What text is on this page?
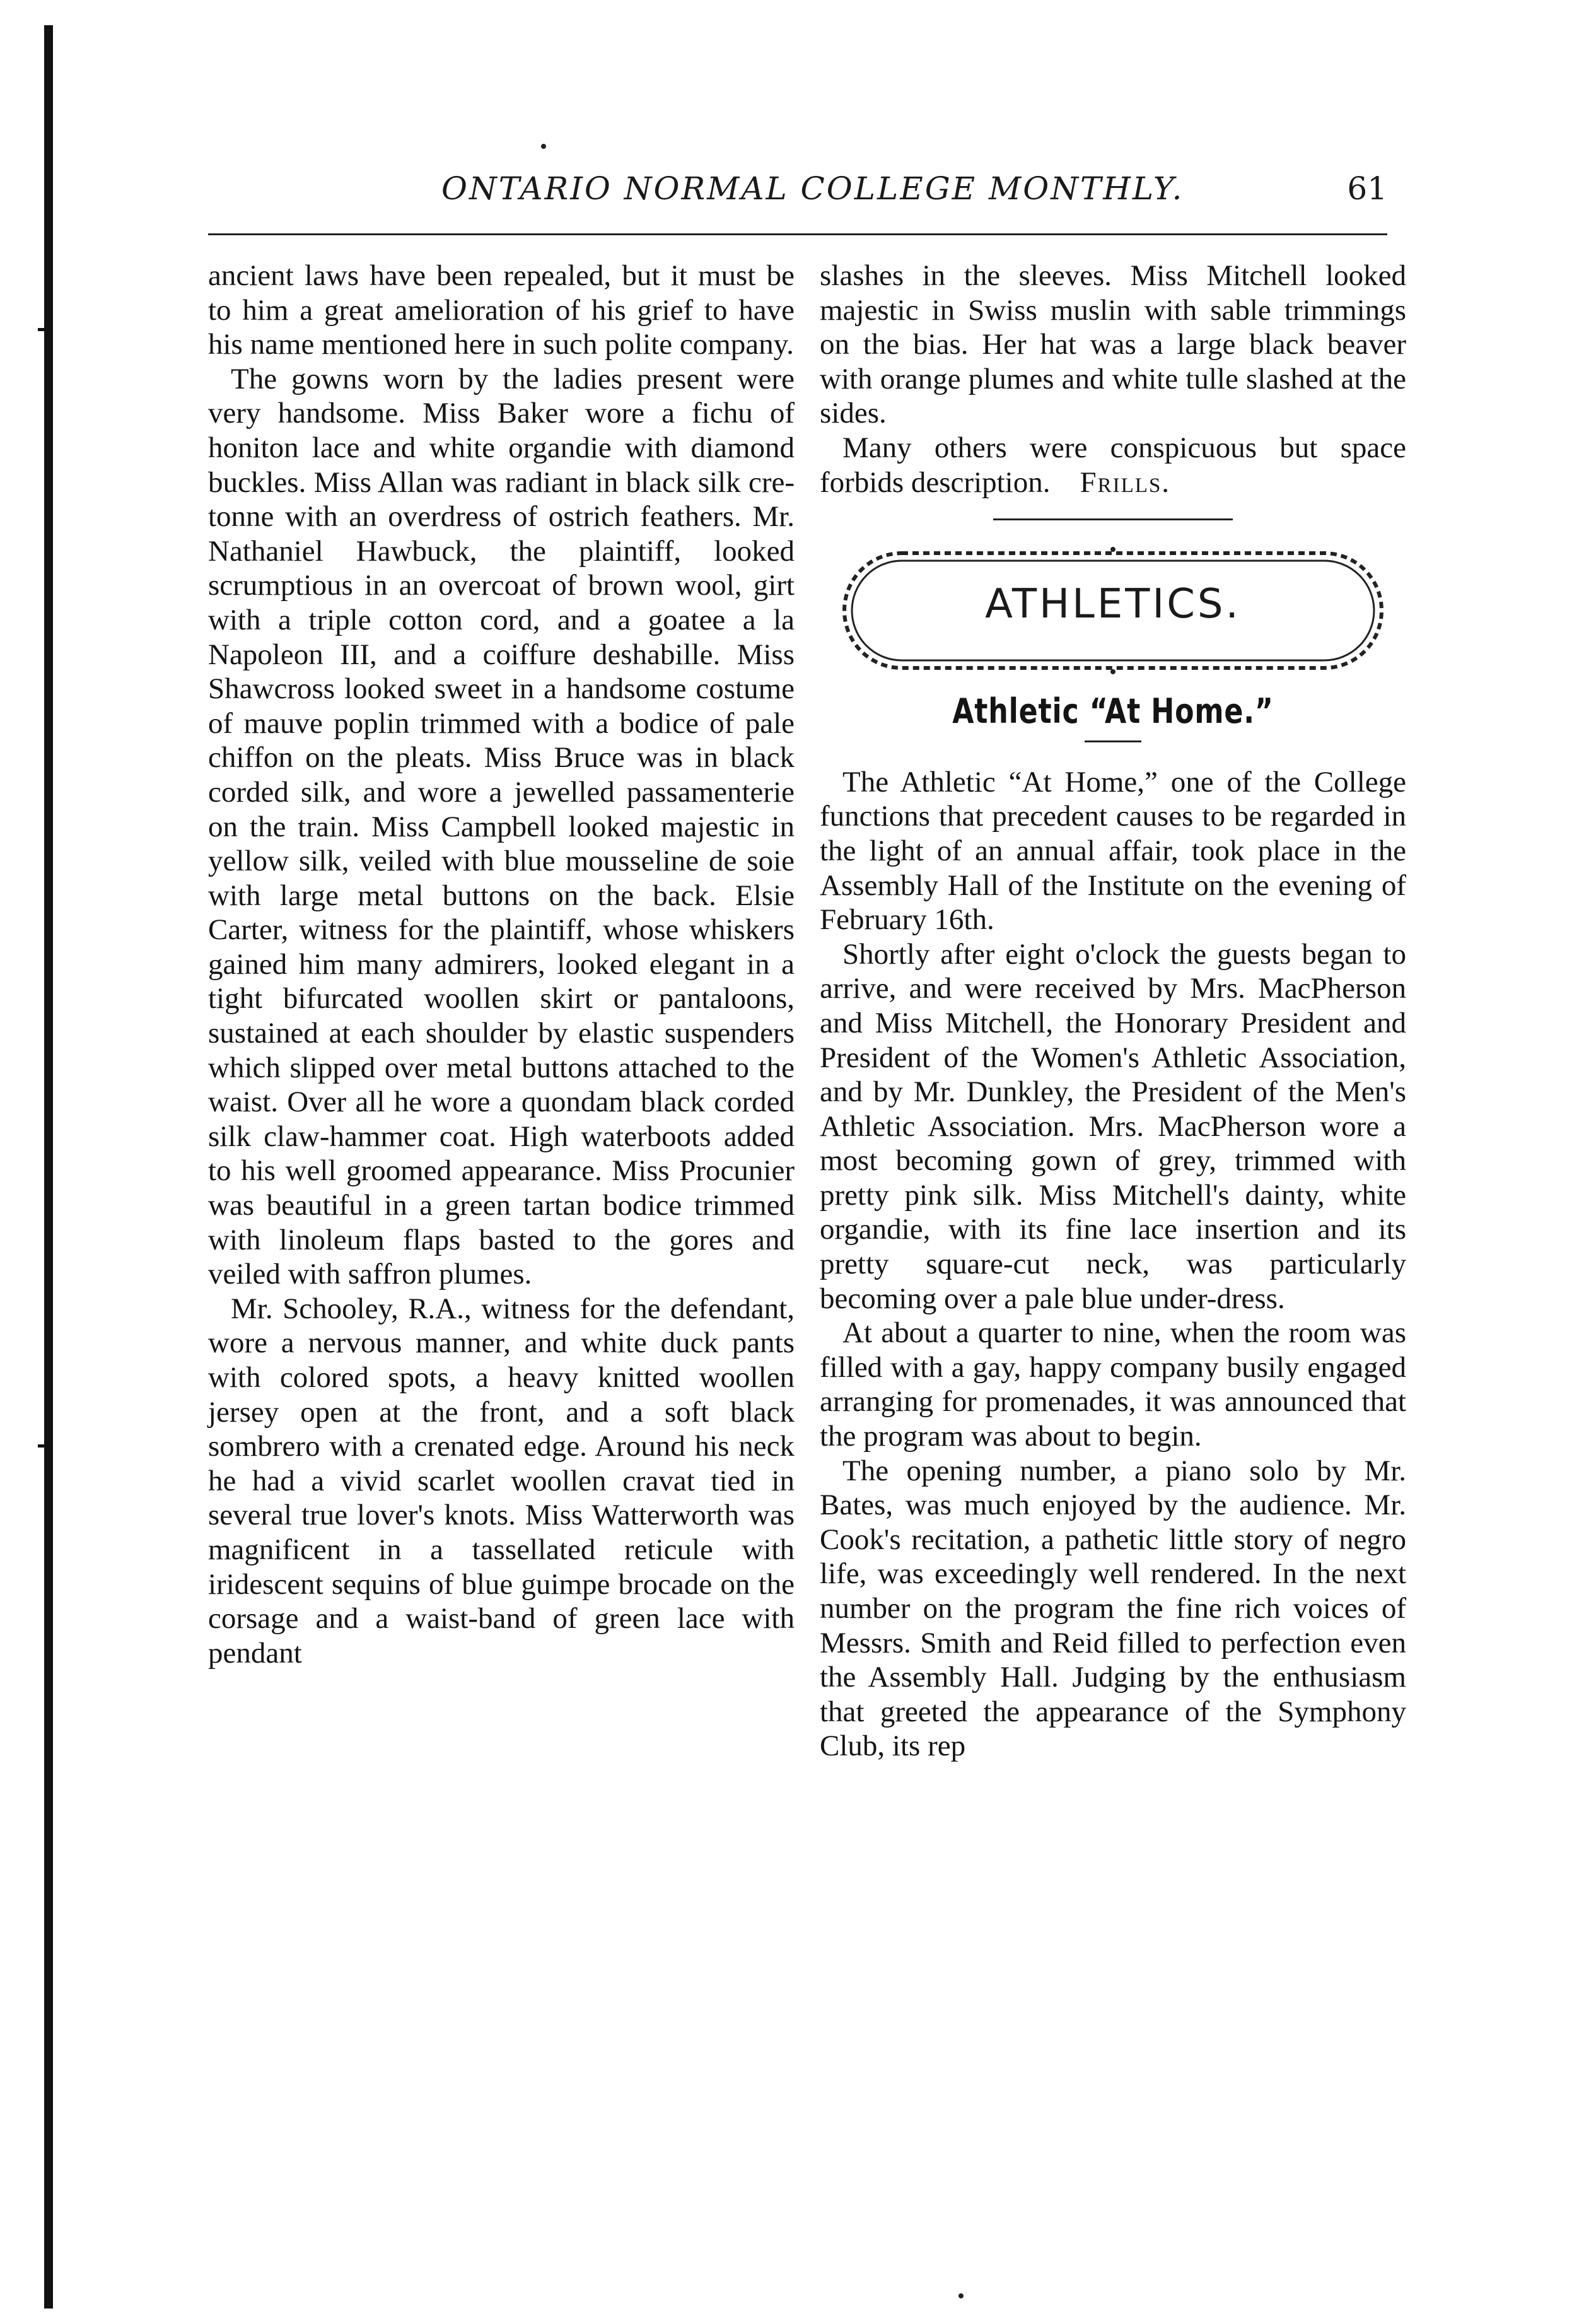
ONTARIO NORMAL COLLEGE MONTHLY.	61

ancient laws have been repealed, but it must be to him a great amelioration of his grief to have his name mentioned here in such polite company.

The gowns worn by the ladies present were very handsome. Miss Baker wore a fichu of honiton lace and white organdie with diamond buckles. Miss Allan was radiant in black silk cretonne with an overdress of ostrich feathers. Mr. Nathaniel Hawbuck, the plaintiff, looked scrumptious in an overcoat of brown wool, girt with a triple cotton cord, and a goatee a la Napoleon III, and a coiffure deshabille. Miss Shawcross looked sweet in a handsome costume of mauve poplin trimmed with a bodice of pale chiffon on the pleats. Miss Bruce was in black corded silk, and wore a jewelled passamenterie on the train. Miss Campbell looked majestic in yellow silk, veiled with blue mousseline de soie with large metal buttons on the back. Elsie Carter, witness for the plaintiff, whose whiskers gained him many admirers, looked elegant in a tight bifurcated woollen skirt or pantaloons, sustained at each shoulder by elastic suspenders which slipped over metal buttons attached to the waist. Over all he wore a quondam black corded silk claw-hammer coat. High waterboots added to his well groomed appearance. Miss Procunier was beautiful in a green tartan bodice trimmed with linoleum flaps basted to the gores and veiled with saffron plumes.

Mr. Schooley, R.A., witness for the defendant, wore a nervous manner, and white duck pants with colored spots, a heavy knitted woollen jersey open at the front, and a soft black sombrero with a crenated edge. Around his neck he had a vivid scarlet woollen cravat tied in several true lover's knots. Miss Watterworth was magnificent in a tassellated reticule with iridescent sequins of blue guimpe brocade on the corsage and a waist-band of green lace with pendant

slashes in the sleeves. Miss Mitchell looked majestic in Swiss muslin with sable trimmings on the bias. Her hat was a large black beaver with orange plumes and white tulle slashed at the sides.

Many others were conspicuous but space forbids description. Frills.

ATHLETICS.
Athletic “At Home.”

The Athletic “At Home,” one of the College functions that precedent causes to be regarded in the light of an annual affair, took place in the Assembly Hall of the Institute on the evening of February 16th.

Shortly after eight o'clock the guests began to arrive, and were received by Mrs. MacPherson and Miss Mitchell, the Honorary President and President of the Women's Athletic Association, and by Mr. Dunkley, the President of the Men's Athletic Association. Mrs. MacPherson wore a most becoming gown of grey, trimmed with pretty pink silk. Miss Mitchell's dainty, white organdie, with its fine lace insertion and its pretty square-cut neck, was particularly becoming over a pale blue under-dress.

At about a quarter to nine, when the room was filled with a gay, happy company busily engaged arranging for promenades, it was announced that the program was about to begin.

The opening number, a piano solo by Mr. Bates, was much enjoyed by the audience. Mr. Cook's recitation, a pathetic little story of negro life, was exceedingly well rendered. In the next number on the program the fine rich voices of Messrs. Smith and Reid filled to perfection even the Assembly Hall. Judging by the enthusiasm that greeted the appearance of the Symphony Club, its rep
